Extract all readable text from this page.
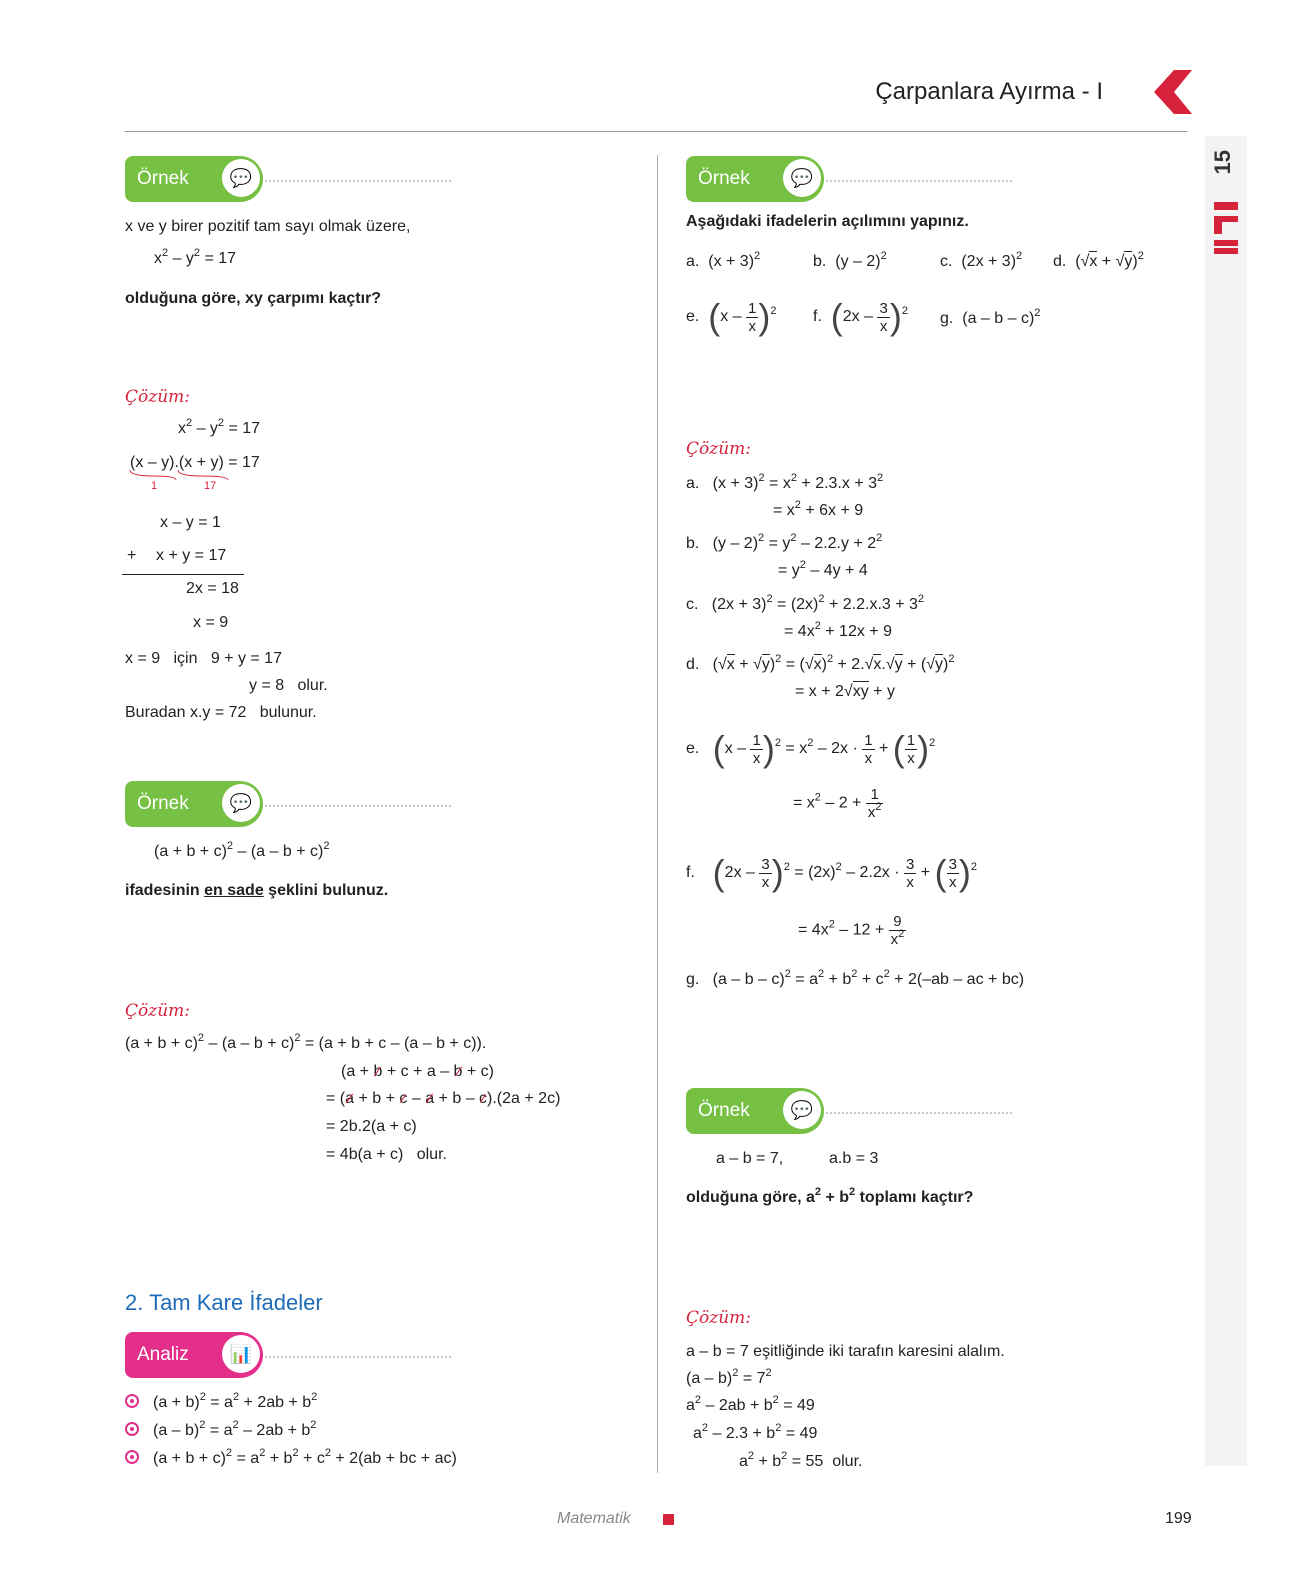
Çarpanlara Ayırma - I
15
Örnek	💬
x ve y birer pozitif tam sayı olmak üzere,
$x^2 - y^2 = 17$
olduğuna göre, xy çarpımı kaçtır?
Çözüm:
$x^2 - y^2 = 17$
(x – y).(x + y) = 17
1	17
x – y = 1
+ x + y = 17
2x = 18
x = 9
x = 9   için   9 + y = 17
y = 8   olur.
Buradan x.y = 72   bulunur.
Örnek	💬
$(a + b + c)^2 - (a - b + c)^2$
ifadesinin en sade şeklini bulunuz.
Çözüm:
$(a + b + c)^2 - (a - b + c)^2 = (a + b + c - (a - b + c))$.
(a + b + c + a – b + c)
= (a + b + c – a + b – c).(2a + 2c)
= 2b.2(a + c)
= 4b(a + c)   olur.
2. Tam Kare İfadeler
Analiz	📊
$(a + b)^2 = a^2 + 2ab + b^2$
$(a - b)^2 = a^2 - 2ab + b^2$
$(a + b + c)^2 = a^2 + b^2 + c^2 + 2(ab$ + bc + ac)
Örnek	💬
Aşağıdaki ifadelerin açılımını yapınız.
a.  $(x + 3)^2$	b.  (y – 2)$^2$	c.  $(2x + 3)^2$ d.  $(√x + √y)^2$
e.  $(x - \frac{1}{x} )^2$ f.  $(2x - \frac{3}{x} )^2$ g.  (a – b – c)$^2$
Çözüm:
a.   $(x + 3)^2 = x^2 + 2.3.x + 3^2$
= $x^2 + 6x + 9$
b.   $(y - 2)^2 = y^2 - 2.2.y + 2^2$
= $y^2 - 4y + 4$
c.   $(2x + 3)^2 = (2x)^2 + 2.2.x.3 + 3^2$
= $4x^2 + 12x + 9$
d.   $(√x + √y)^2 = (√x)^2 + 2.√x.√y + (√y)^2$
= x + 2√xy + y
e.   $(x - \frac{1}{x} )^2 = x^2 - 2x \cdot \frac{1}{x}$ + ( $\frac{1}{x} )^2$
= $x^2 - 2 + \frac{1}{x^2}$
f.    $(2x - \frac{3}{x} )^2 = (2x)^2 - 2.2x \cdot \frac{3}{x}$ + ( $\frac{3}{x} )^2$
= $4x^2 - 12 + \frac{9}{x^2}$
g.   $(a - b - c)^2 = a^2 + b^2 + c^2 + 2(-ab$ – ac + bc)
Örnek	💬
a – b = 7,	a.b = 3
olduğuna göre, $a^2 + b^2$ toplamı kaçtır?
Çözüm:
a – b = 7 eşitliğinde iki tarafın karesini alalım.
$(a - b)^2 = 7^2$
$a^2 - 2ab + b^2 = 49$
$a^2 - 2.3 + b^2 = 49$
$a^2 + b^2 = 55$  olur.
Matematik	199
